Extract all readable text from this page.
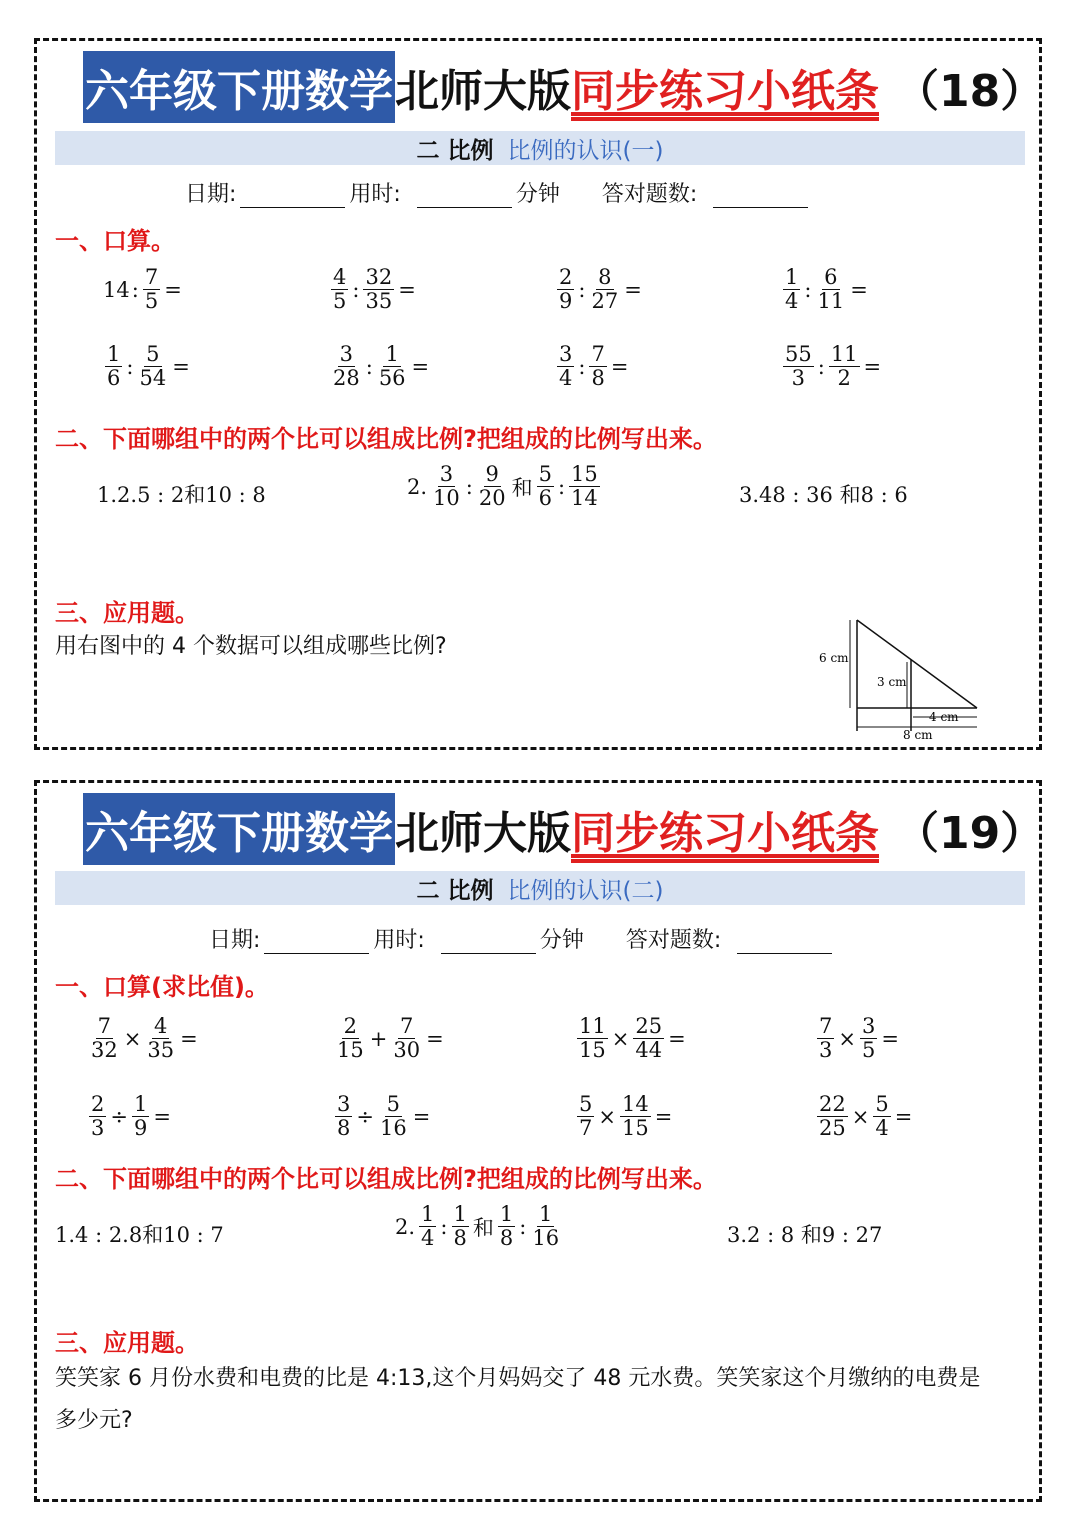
六年级下册数学 北师大版 同步练习小纸条 （18）
二 比例 比例的认识(一)
日期:	用时:	分钟 答对题数:
一、口算。
14 : $\frac{7}{5}$ =	$\frac{4}{5}$ : $\frac{32}{35}$ =	$\frac{2}{9}$ : $\frac{8}{27}$ =	$\frac{1}{4}$ : $\frac{6}{11}$ =
$\frac{1}{6}$ : $\frac{5}{54}$ =	$\frac{3}{28}$ : $\frac{1}{56}$ =	$\frac{3}{4}$ : $\frac{7}{8}$ =	$\frac{55}{3}$ : $\frac{11}{2}$ =
二、下面哪组中的两个比可以组成比例?把组成的比例写出来。
1.2.5 : 2和10 : 8	2. $\frac{3}{10}$ : $\frac{9}{20}$ 和 $\frac{5}{6}$ : $\frac{15}{14}$	3.48 : 36 和8 : 6
三、应用题。
用右图中的 4 个数据可以组成哪些比例?	6 cm
3 cm
4 cm
8 cm
六年级下册数学 北师大版 同步练习小纸条 （19）
二 比例 比例的认识(二)
日期:	用时:	分钟 答对题数:
一、口算(求比值)。
$\frac{7}{32} \times \frac{4}{35}$ =	$\frac{2}{15} + \frac{7}{30}$ =	$\frac{11}{15} \times \frac{25}{44}$ =	$\frac{7}{3} \times \frac{3}{5}$ =
$\frac{2}{3} \div \frac{1}{9}$ =	$\frac{3}{8} \div \frac{5}{16}$ =	$\frac{5}{7} \times \frac{14}{15}$ =	$\frac{22}{25} \times \frac{5}{4}$ =
二、下面哪组中的两个比可以组成比例?把组成的比例写出来。
1.4 : 2.8和10 : 7	2. $\frac{1}{4}$ : $\frac{1}{8}$ 和 $\frac{1}{8}$ : $\frac{1}{16}$	3.2 : 8 和9 : 27
三、应用题。
笑笑家 6 月份水费和电费的比是 4:13,这个月妈妈交了 48 元水费。笑笑家这个月缴纳的电费是
多少元?
